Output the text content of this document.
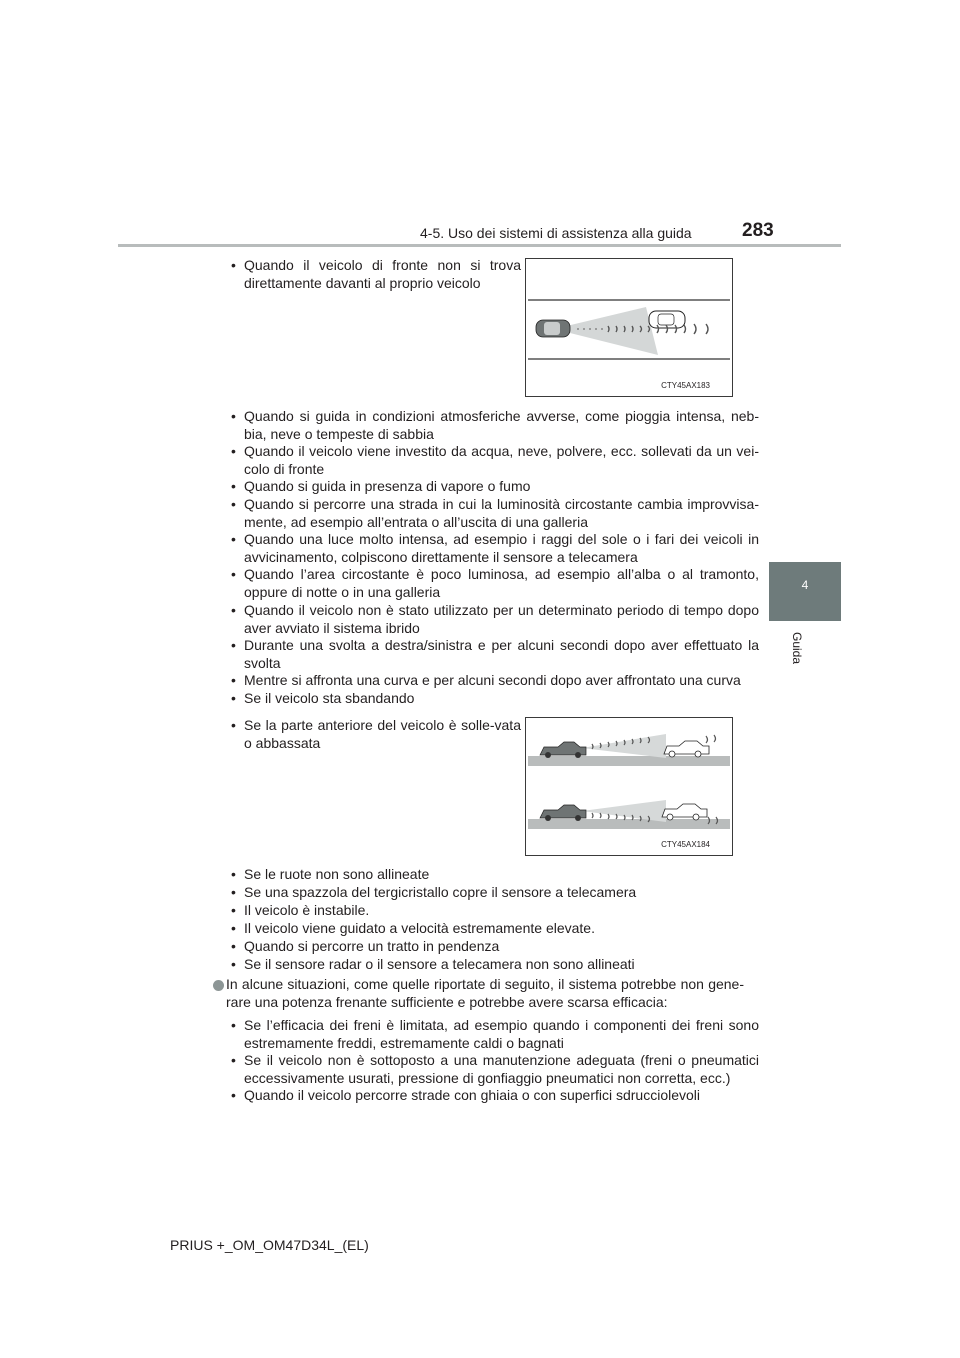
4-5. Uso dei sistemi di assistenza alla guida	283
4
Guida
• Quando il veicolo di fronte non si trova direttamente davanti al proprio veicolo
CTY45AX183
• Quando si guida in condizioni atmosferiche avverse, come pioggia intensa, neb-bia, neve o tempeste di sabbia
• Quando il veicolo viene investito da acqua, neve, polvere, ecc. sollevati da un vei-colo di fronte
• Quando si guida in presenza di vapore o fumo
• Quando si percorre una strada in cui la luminosità circostante cambia improvvisa-mente, ad esempio all’entrata o all’uscita di una galleria
• Quando una luce molto intensa, ad esempio i raggi del sole o i fari dei veicoli in avvicinamento, colpiscono direttamente il sensore a telecamera
• Quando l’area circostante è poco luminosa, ad esempio all’alba o al tramonto, oppure di notte o in una galleria
• Quando il veicolo non è stato utilizzato per un determinato periodo di tempo dopo aver avviato il sistema ibrido
• Durante una svolta a destra/sinistra e per alcuni secondi dopo aver effettuato la svolta
• Mentre si affronta una curva e per alcuni secondi dopo aver affrontato una curva
• Se il veicolo sta sbandando
• Se la parte anteriore del veicolo è solle-vata o abbassata
CTY45AX184
• Se le ruote non sono allineate
• Se una spazzola del tergicristallo copre il sensore a telecamera
• Il veicolo è instabile.
• Il veicolo viene guidato a velocità estremamente elevate.
• Quando si percorre un tratto in pendenza
• Se il sensore radar o il sensore a telecamera non sono allineati
In alcune situazioni, come quelle riportate di seguito, il sistema potrebbe non gene-rare una potenza frenante sufficiente e potrebbe avere scarsa efficacia:
• Se l’efficacia dei freni è limitata, ad esempio quando i componenti dei freni sono estremamente freddi, estremamente caldi o bagnati
• Se il veicolo non è sottoposto a una manutenzione adeguata (freni o pneumatici eccessivamente usurati, pressione di gonfiaggio pneumatici non corretta, ecc.)
• Quando il veicolo percorre strade con ghiaia o con superfici sdrucciolevoli
PRIUS +_OM_OM47D34L_(EL)
